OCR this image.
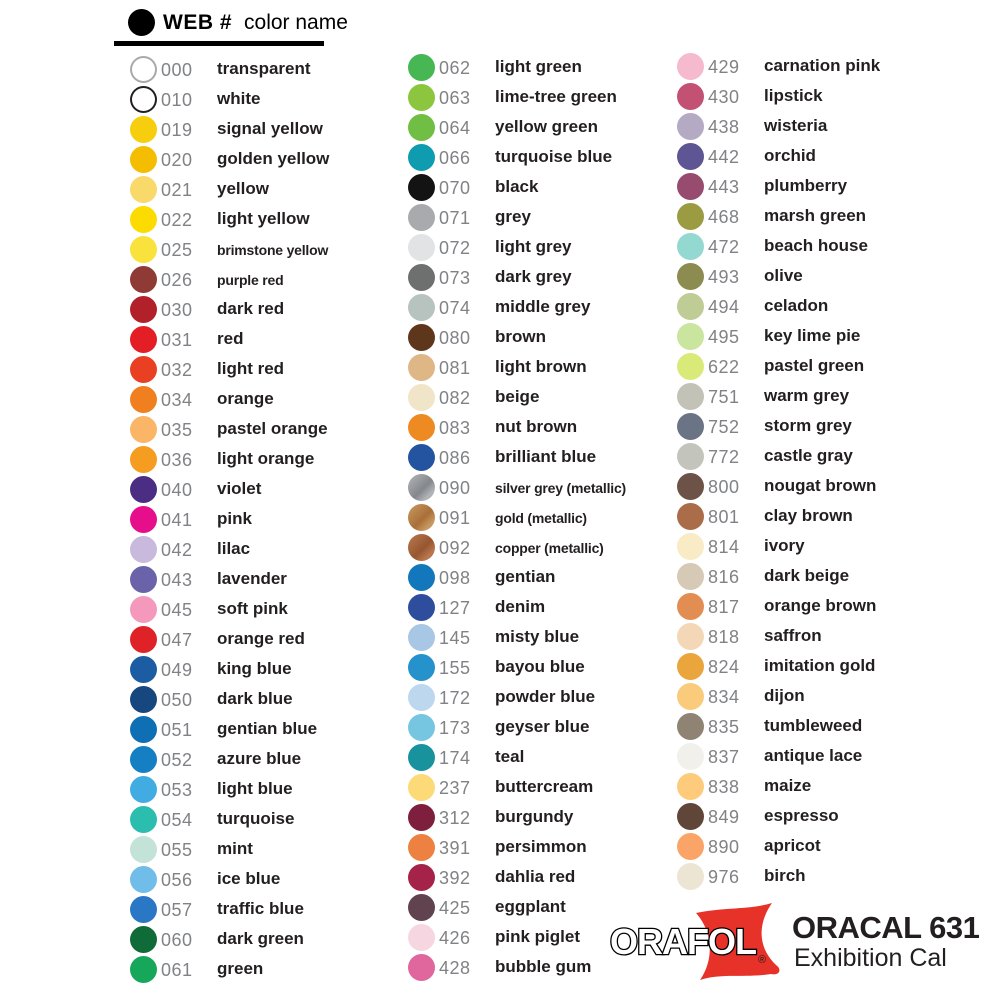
WEB # color name
000 transparent
010 white
019 signal yellow
020 golden yellow
021 yellow
022 light yellow
025 brimstone yellow
026 purple red
030 dark red
031 red
032 light red
034 orange
035 pastel orange
036 light orange
040 violet
041 pink
042 lilac
043 lavender
045 soft pink
047 orange red
049 king blue
050 dark blue
051 gentian blue
052 azure blue
053 light blue
054 turquoise
055 mint
056 ice blue
057 traffic blue
060 dark green
061 green
062 light green
063 lime-tree green
064 yellow green
066 turquoise blue
070 black
071 grey
072 light grey
073 dark grey
074 middle grey
080 brown
081 light brown
082 beige
083 nut brown
086 brilliant blue
090 silver grey (metallic)
091 gold (metallic)
092 copper (metallic)
098 gentian
127 denim
145 misty blue
155 bayou blue
172 powder blue
173 geyser blue
174 teal
237 buttercream
312 burgundy
391 persimmon
392 dahlia red
425 eggplant
426 pink piglet
428 bubble gum
429 carnation pink
430 lipstick
438 wisteria
442 orchid
443 plumberry
468 marsh green
472 beach house
493 olive
494 celadon
495 key lime pie
622 pastel green
751 warm grey
752 storm grey
772 castle gray
800 nougat brown
801 clay brown
814 ivory
816 dark beige
817 orange brown
818 saffron
824 imitation gold
834 dijon
835 tumbleweed
837 antique lace
838 maize
849 espresso
890 apricot
976 birch
ORAFOL ®
ORACAL 631
Exhibition Cal
